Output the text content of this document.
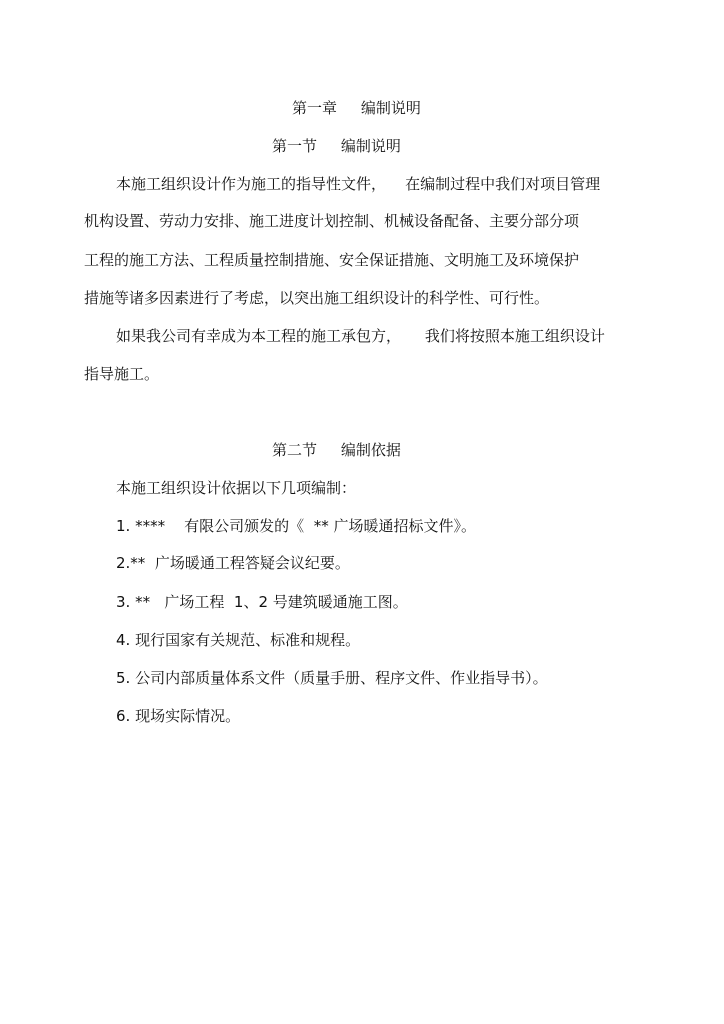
第一章     编制说明
第一节     编制说明
本施工组织设计作为施工的指导性文件，    在编制过程中我们对项目管理
机构设置、劳动力安排、施工进度计划控制、机械设备配备、主要分部分项
工程的施工方法、工程质量控制措施、安全保证措施、文明施工及环境保护
措施等诸多因素进行了考虑，以突出施工组织设计的科学性、可行性。
如果我公司有幸成为本工程的施工承包方，     我们将按照本施工组织设计
指导施工。
第二节     编制依据
本施工组织设计依据以下几项编制：
1. ****    有限公司颁发的《  ** 广场暖通招标文件》。
2.**  广场暖通工程答疑会议纪要。
3. **   广场工程  1、2 号建筑暖通施工图。
4. 现行国家有关规范、标准和规程。
5. 公司内部质量体系文件（质量手册、程序文件、作业指导书）。
6. 现场实际情况。
